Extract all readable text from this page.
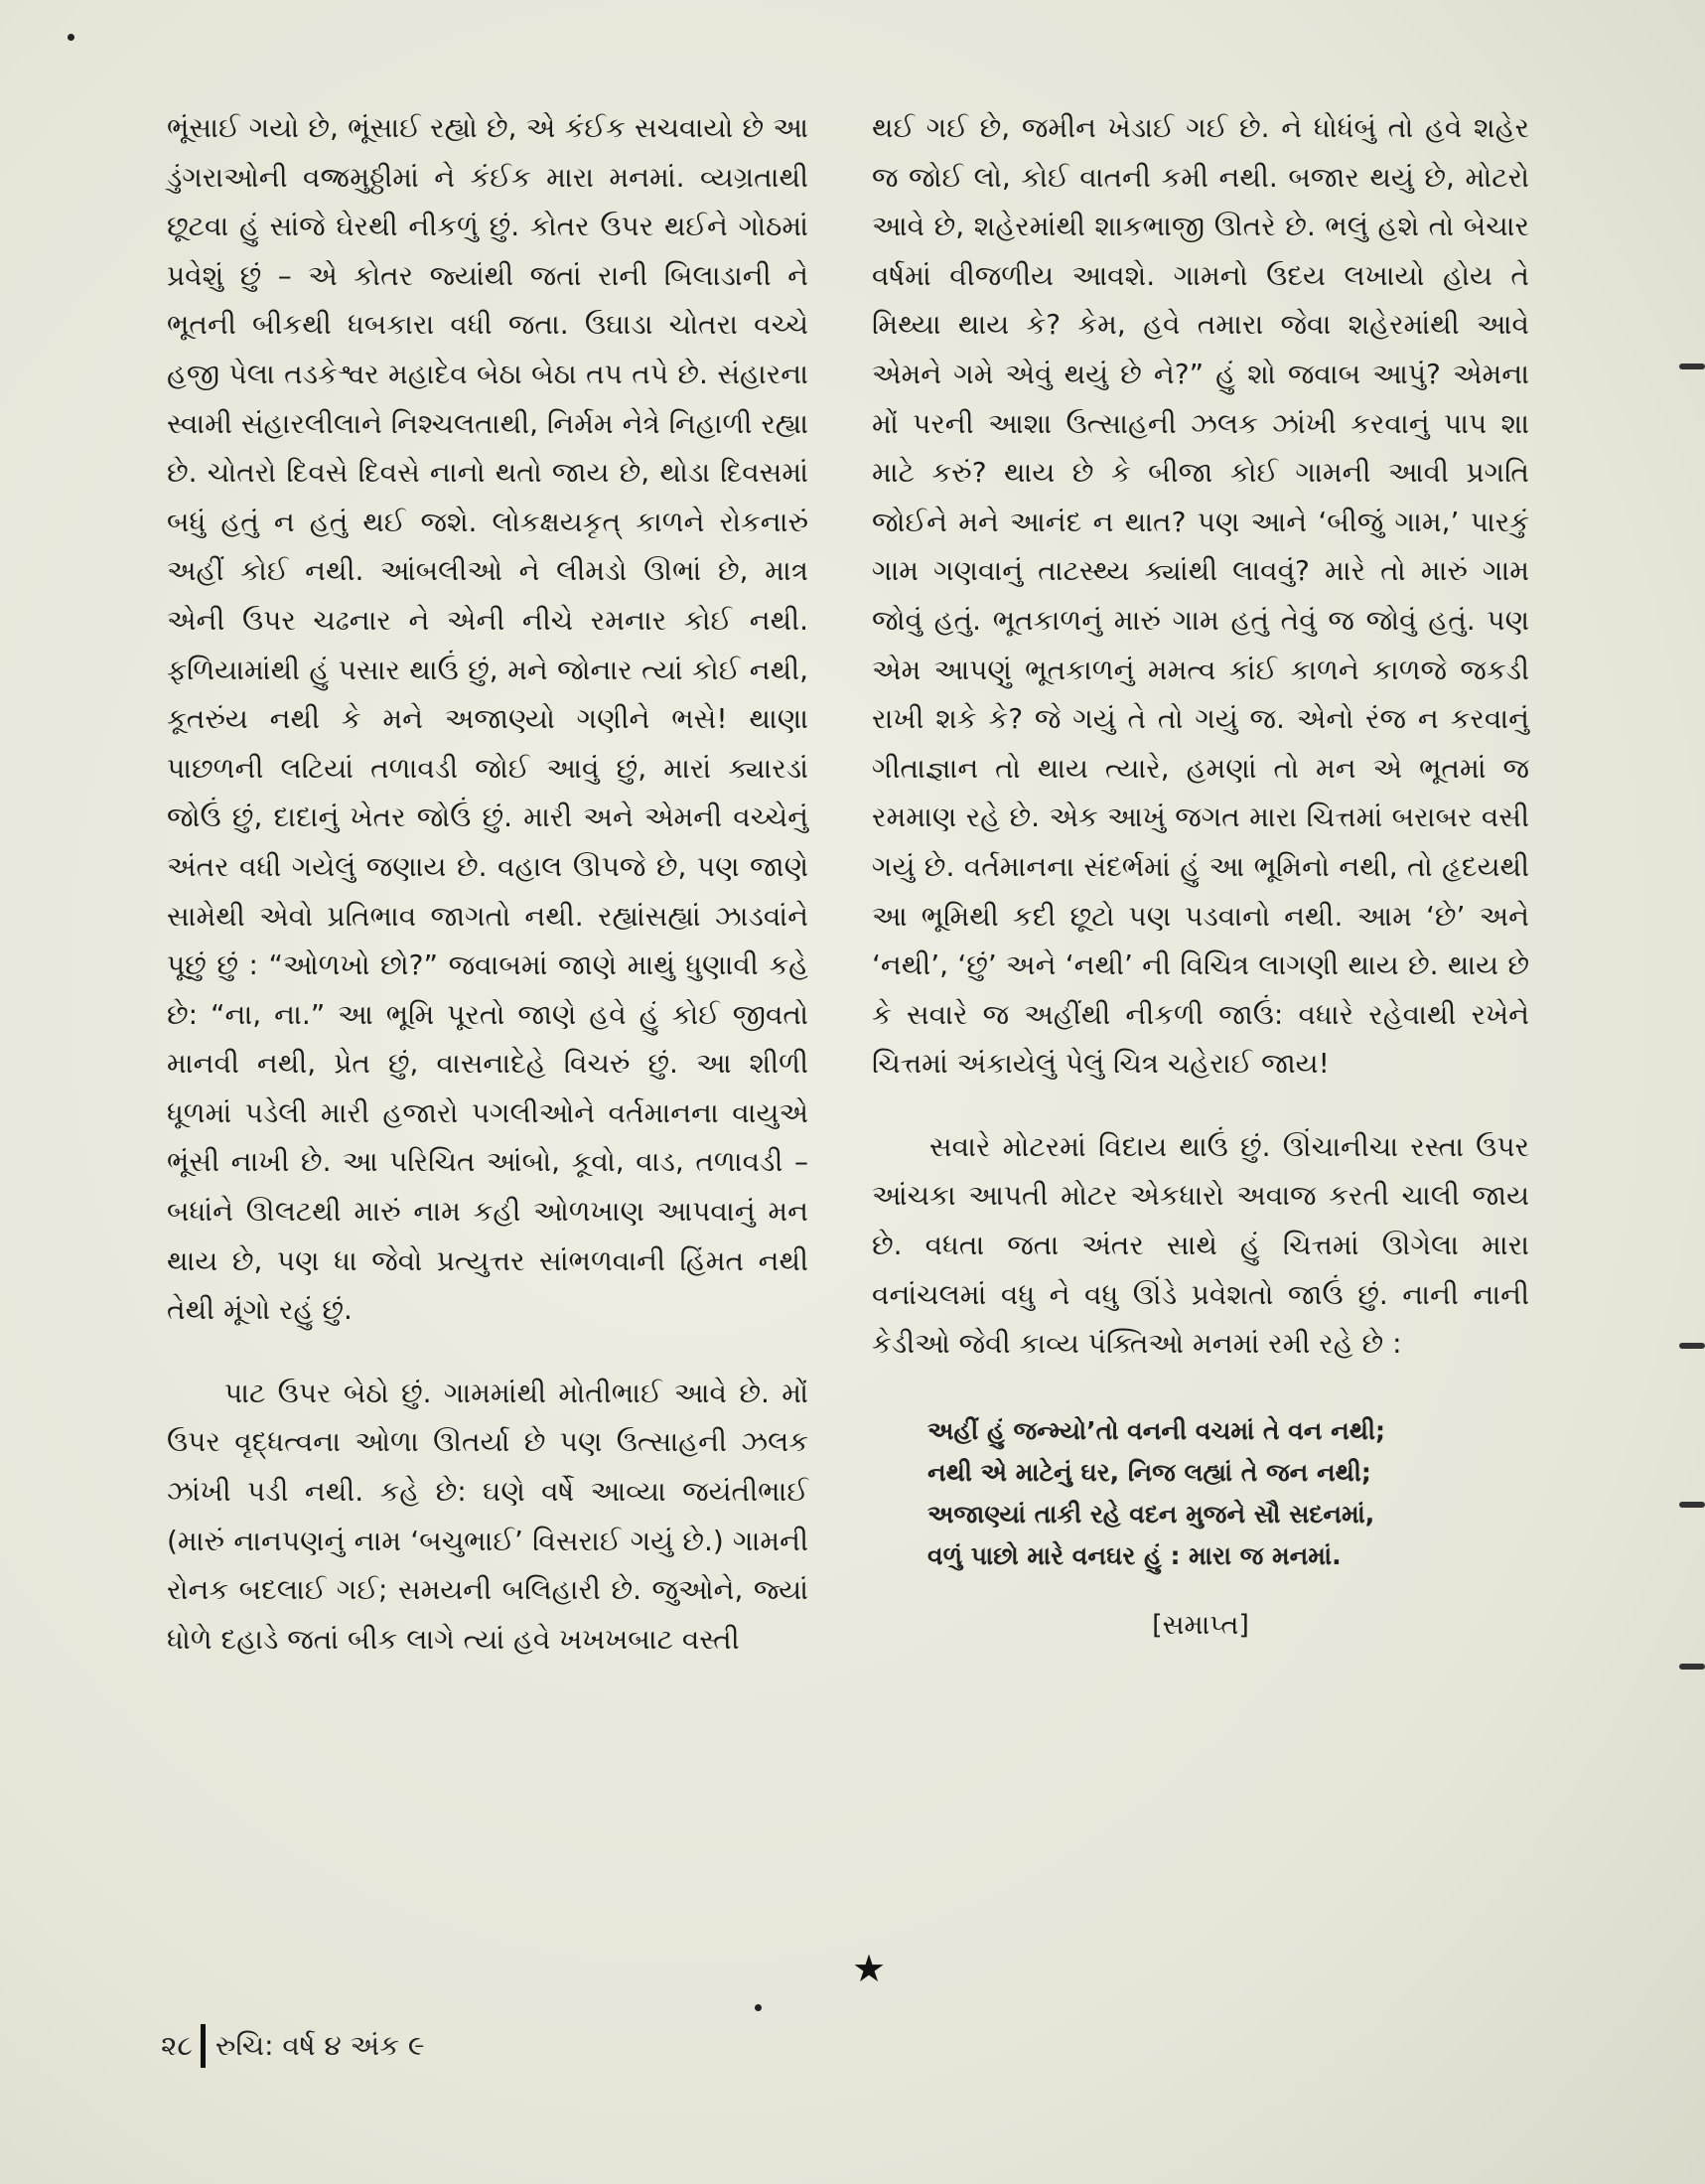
ભૂંસાઈ ગયો છે, ભૂંસાઈ રહ્યો છે, એ કંઈક સચવાયો છે આ ડુંગરાઓની વજ્રમુઠ્ઠીમાં ને કંઈક મારા મનમાં. વ્યગ્રતાથી છૂટવા હું સાંજે ઘેરથી નીકળું છું. કોતર ઉપર થઈને ગોઠમાં પ્રવેશું છું – એ કોતર જ્યાંથી જતાં રાની બિલાડાની ને ભૂતની બીકથી ધબકારા વધી જતા. ઉઘાડા ચોતરા વચ્ચે હજી પેલા તડકેશ્વર મહાદેવ બેઠા બેઠા તપ તપે છે. સંહારના સ્વામી સંહારલીલાને નિશ્ચલતાથી, નિર્મમ નેત્રે નિહાળી રહ્યા છે. ચોતરો દિવસે દિવસે નાનો થતો જાય છે, થોડા દિવસમાં બધું હતું ન હતું થઈ જશે. લોકક્ષયકૃત્ કાળને રોકનારું અહીં કોઈ નથી. આંબલીઓ ને લીમડો ઊભાં છે, માત્ર એની ઉપર ચઢનાર ને એની નીચે રમનાર કોઈ નથી. ફળિયામાંથી હું પસાર થાઉં છું, મને જોનાર ત્યાં કોઈ નથી, કૂતરુંય નથી કે મને અજાણ્યો ગણીને ભસે! થાણા પાછળની લટિયાં તળાવડી જોઈ આવું છું, મારાં ક્યારડાં જોઉં છું, દાદાનું ખેતર જોઉં છું. મારી અને એમની વચ્ચેનું અંતર વધી ગયેલું જણાય છે. વહાલ ઊપજે છે, પણ જાણે સામેથી એવો પ્રતિભાવ જાગતો નથી. રહ્યાંસહ્યાં ઝાડવાંને પૂછું છું : “ઓળખો છો?” જવાબમાં જાણે માથું ધુણાવી કહે છે: “ના, ના.” આ ભૂમિ પૂરતો જાણે હવે હું કોઈ જીવતો માનવી નથી, પ્રેત છું, વાસનાદેહે વિચરું છું. આ શીળી ધૂળમાં પડેલી મારી હજારો પગલીઓને વર્તમાનના વાયુએ ભૂંસી નાખી છે. આ પરિચિત આંબો, કૂવો, વાડ, તળાવડી – બધાંને ઊલટથી મારું નામ કહી ઓળખાણ આપવાનું મન થાય છે, પણ ધા જેવો પ્રત્યુત્તર સાંભળવાની હિંમત નથી તેથી મૂંગો રહું છું.

પાટ ઉપર બેઠો છું. ગામમાંથી મોતીભાઈ આવે છે. મોં ઉપર વૃદ્ધત્વના ઓળા ઊતર્યા છે પણ ઉત્સાહની ઝલક ઝાંખી પડી નથી. કહે છે: ઘણે વર્ષે આવ્યા જયંતીભાઈ (મારું નાનપણનું નામ ‘બચુભાઈ’ વિસરાઈ ગયું છે.) ગામની રોનક બદલાઈ ગઈ; સમયની બલિહારી છે. જુઓને, જ્યાં ધોળે દહાડે જતાં બીક લાગે ત્યાં હવે ખખખબાટ વસ્તી

થઈ ગઈ છે, જમીન ખેડાઈ ગઈ છે. ને ધોધંબું તો હવે શહેર જ જોઈ લો, કોઈ વાતની કમી નથી. બજાર થયું છે, મોટરો આવે છે, શહેરમાંથી શાકભાજી ઊતરે છે. ભલું હશે તો બેચાર વર્ષમાં વીજળીય આવશે. ગામનો ઉદય લખાયો હોય તે મિથ્યા થાય કે? કેમ, હવે તમારા જેવા શહેરમાંથી આવે એમને ગમે એવું થયું છે ને?” હું શો જવાબ આપું? એમના મોં પરની આશા ઉત્સાહની ઝલક ઝાંખી કરવાનું પાપ શા માટે કરું? થાય છે કે બીજા કોઈ ગામની આવી પ્રગતિ જોઈને મને આનંદ ન થાત? પણ આને ‘બીજું ગામ,’ પારકું ગામ ગણવાનું તાટસ્થ્ય ક્યાંથી લાવવું? મારે તો મારું ગામ જોવું હતું. ભૂતકાળનું મારું ગામ હતું તેવું જ જોવું હતું. પણ એમ આપણું ભૂતકાળનું મમત્વ કાંઈ કાળને કાળજે જકડી રાખી શકે કે? જે ગયું તે તો ગયું જ. એનો રંજ ન કરવાનું ગીતાજ્ઞાન તો થાય ત્યારે, હમણાં તો મન એ ભૂતમાં જ રમમાણ રહે છે. એક આખું જગત મારા ચિત્તમાં બરાબર વસી ગયું છે. વર્તમાનના સંદર્ભમાં હું આ ભૂમિનો નથી, તો હૃદયથી આ ભૂમિથી કદી છૂટો પણ પડવાનો નથી. આમ ‘છે’ અને ‘નથી’, ‘છું’ અને ‘નથી’ ની વિચિત્ર લાગણી થાય છે. થાય છે કે સવારે જ અહીંથી નીકળી જાઉં: વધારે રહેવાથી રખેને ચિત્તમાં અંકાયેલું પેલું ચિત્ર ચહેરાઈ જાય!

સવારે મોટરમાં વિદાય થાઉં છું. ઊંચાનીચા રસ્તા ઉપર આંચકા આપતી મોટર એકધારો અવાજ કરતી ચાલી જાય છે. વધતા જતા અંતર સાથે હું ચિત્તમાં ઊગેલા મારા વનાંચલમાં વધુ ને વધુ ઊંડે પ્રવેશતો જાઉં છું. નાની નાની કેડીઓ જેવી કાવ્ય પંક્તિઓ મનમાં રમી રહે છે :

અહીં હું જન્મ્યો’તો વનની વચમાં તે વન નથી;
નથી એ માટેનું ઘર, નિજ લહ્યાં તે જન નથી;
અજાણ્યાં તાકી રહે વદન મુજને સૌ સદનમાં,
વળું પાછો મારે વનઘર હું : મારા જ મનમાં.
[સમાપ્ત]
★
૨૮ રુચિ: વર્ષ ૪ અંક ૯
